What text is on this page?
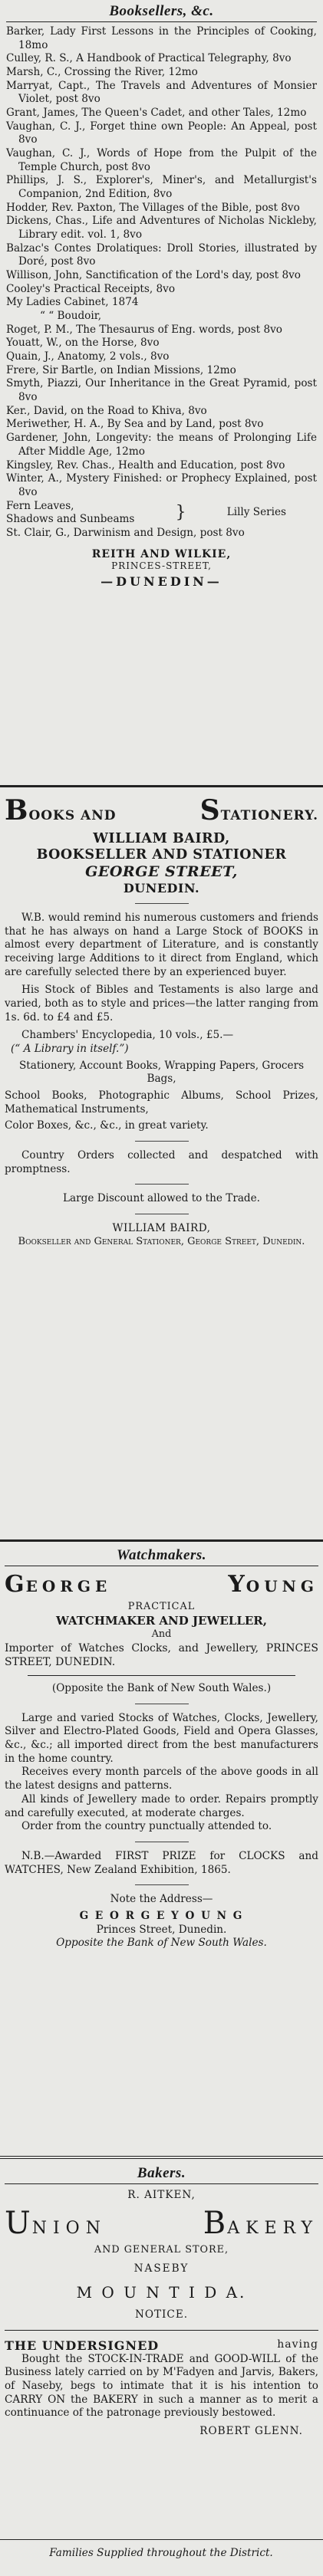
Booksellers, &c.

Barker, Lady First Lessons in the Principles of Cooking, 18mo

Culley, R. S., A Handbook of Practical Telegraphy, 8vo

Marsh, C., Crossing the River, 12mo

Marryat, Capt., The Travels and Adventures of Monsier Violet, post 8vo

Grant, James, The Queen's Cadet, and other Tales, 12mo

Vaughan, C. J., Forget thine own People: An Appeal, post 8vo

Vaughan, C. J., Words of Hope from the Pulpit of the Temple Church, post 8vo

Phillips, J. S., Explorer's, Miner's, and Metallurgist's Companion, 2nd Edition, 8vo

Hodder, Rev. Paxton, The Villages of the Bible, post 8vo

Dickens, Chas., Life and Adventures of Nicholas Nickleby, Library edit. vol. 1, 8vo

Balzac's Contes Drolatiques: Droll Stories, illustrated by Doré, post 8vo

Willison, John, Sanctification of the Lord's day, post 8vo

Cooley's Practical Receipts, 8vo

My Ladies Cabinet, 1874

“ “ Boudoir,

Roget, P. M., The Thesaurus of Eng. words, post 8vo

Youatt, W., on the Horse, 8vo

Quain, J., Anatomy, 2 vols., 8vo

Frere, Sir Bartle, on Indian Missions, 12mo

Smyth, Piazzi, Our Inheritance in the Great Pyramid, post 8vo

Ker., David, on the Road to Khiva, 8vo

Meriwether, H. A., By Sea and by Land, post 8vo

Gardener, John, Longevity: the means of Prolonging Life After Middle Age, 12mo

Kingsley, Rev. Chas., Health and Education, post 8vo

Winter, A., Mystery Finished: or Prophecy Explained, post 8vo

Fern Leaves,
Shadows and Sunbeams }	Lilly Series

St. Clair, G., Darwinism and Design, post 8vo

REITH AND WILKIE,
PRINCES-STREET,
—DUNEDIN—
BOOKS AND	STATIONERY.

WILLIAM BAIRD,

BOOKSELLER AND STATIONER

GEORGE STREET,

DUNEDIN.

W.B. would remind his numerous customers and friends that he has always on hand a Large Stock of BOOKS in almost every department of Literature, and is constantly receiving large Additions to it direct from England, which are carefully selected there by an experienced buyer.

His Stock of Bibles and Testaments is also large and varied, both as to style and prices—the latter ranging from 1s. 6d. to £4 and £5.

Chambers' Encyclopedia, 10 vols., £5.—

(“ A Library in itself.”)

Stationery, Account Books, Wrapping Papers, Grocers Bags,

School Books, Photographic Albums, School Prizes, Mathematical Instruments,

Color Boxes, &c., &c., in great variety.

Country Orders collected and despatched with promptness.

Large Discount allowed to the Trade.

WILLIAM BAIRD,

Bookseller and General Stationer, George Street, Dunedin.

Watchmakers.

GEORGE	YOUNG

PRACTICAL

WATCHMAKER AND JEWELLER,

And

Importer of Watches Clocks, and Jewellery, PRINCES STREET, DUNEDIN.

(Opposite the Bank of New South Wales.)

Large and varied Stocks of Watches, Clocks, Jewellery, Silver and Electro-Plated Goods, Field and Opera Glasses, &c., &c.; all imported direct from the best manufacturers in the home country.

Receives every month parcels of the above goods in all the latest designs and patterns.

All kinds of Jewellery made to order. Repairs promptly and carefully executed, at moderate charges.

Order from the country punctually attended to.

N.B.—Awarded FIRST PRIZE for CLOCKS and WATCHES, New Zealand Exhibition, 1865.

Note the Address—

G E O R G E Y O U N G

Princes Street, Dunedin.

Opposite the Bank of New South Wales.

Bakers.

R. AITKEN,

UNION	BAKERY

AND GENERAL STORE,

NASEBY

M O U N T I D A.

NOTICE.

THE UNDERSIGNED	having

Bought the STOCK-IN-TRADE and GOOD-WILL of the Business lately carried on by M'Fadyen and Jarvis, Bakers, of Naseby, begs to intimate that it is his intention to CARRY ON the BAKERY in such a manner as to merit a continuance of the patronage previously bestowed.

ROBERT GLENN.

Families Supplied throughout the District.
